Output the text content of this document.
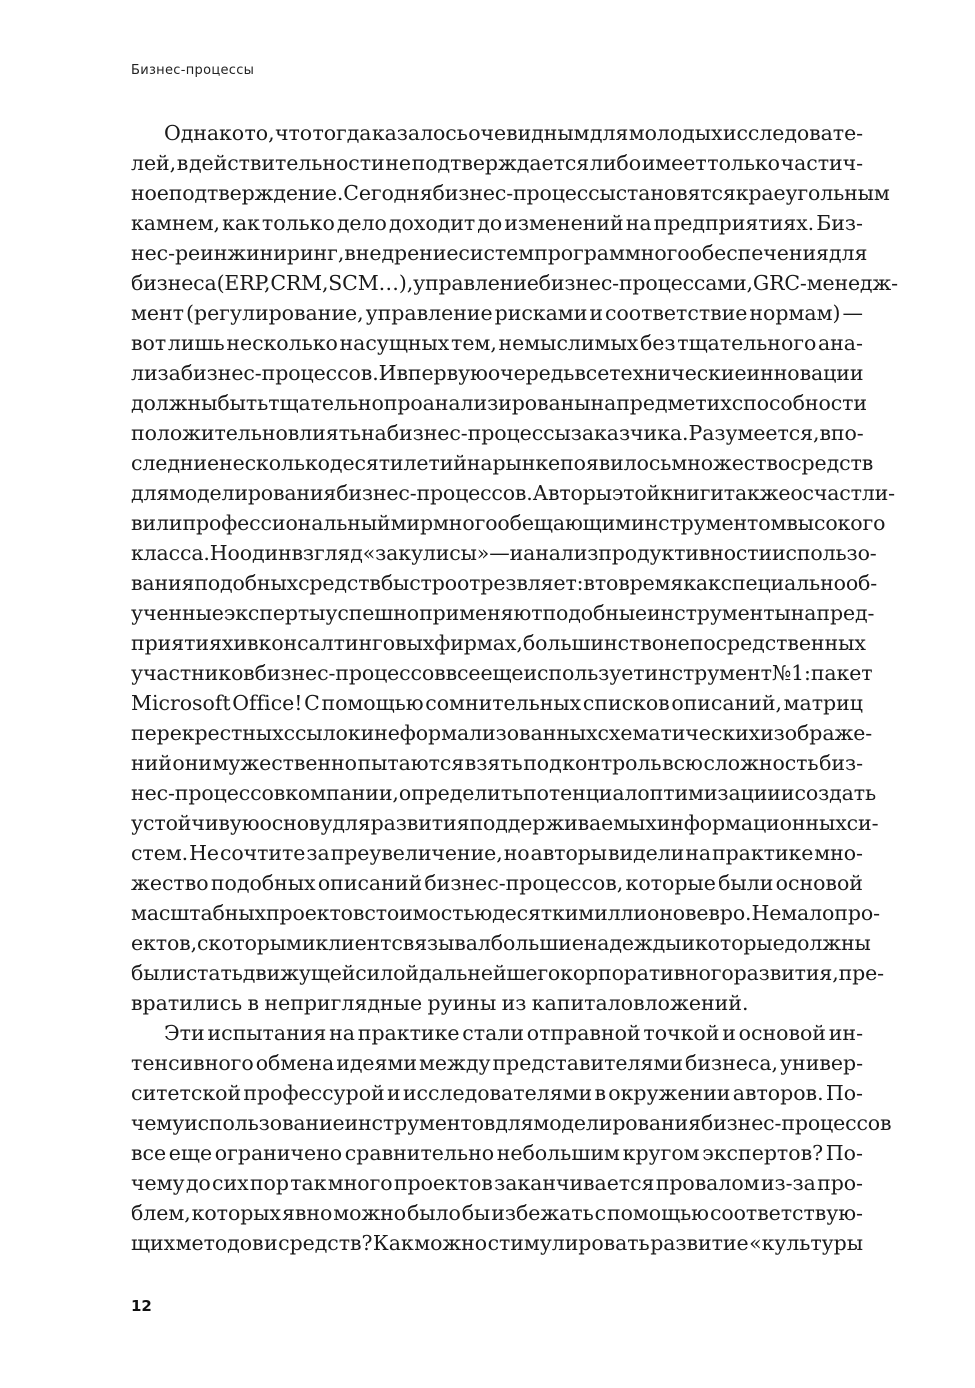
Бизнес-процессы
Однако то, что тогда казалось очевидным для молодых исследовате-
лей, в действительности не подтверждается либо имеет только частич-
ное подтверждение. Сегодня бизнес-процессы становятся краеугольным
камнем, как только дело доходит до изменений на предприятиях. Биз-
нес-реинжиниринг, внедрение систем программного обеспечения для
бизнеса (ERP, CRM, SCM…), управление бизнес-процессами, GRC-менедж-
мент (регулирование, управление рисками и соответствие нормам) —
вот лишь несколько насущных тем, немыслимых без тщательного ана-
лиза бизнес-процессов. И в первую очередь все технические инновации
должны быть тщательно проанализированы на предмет их способности
положительно влиять на бизнес-процессы заказчика. Разумеется, в по-
следние несколько десятилетий на рынке появилось множество средств
для моделирования бизнес-процессов. Авторы этой книги также осчастли-
вили профессиональный мир многообещающим инструментом высокого
класса. Но один взгляд «за кулисы» — и анализ продуктивности использо-
вания подобных средств быстро отрезвляет: в то время как специально об-
ученные эксперты успешно применяют подобные инструменты на пред-
приятиях и в консалтинговых фирмах, большинство непосредственных
участников бизнес-процессов все еще использует инструмент № 1: пакет
Microsoft Office! С помощью сомнительных списков описаний, матриц
перекрестных ссылок и неформализованных схематических изображе-
ний они мужественно пытаются взять под контроль всю сложность биз-
нес-процессов компании, определить потенциал оптимизации и создать
устойчивую основу для развития поддерживаемых информационных си-
стем. Не сочтите за преувеличение, но авторы видели на практике мно-
жество подобных описаний бизнес-процессов, которые были основой
масштабных проектов стоимостью десятки миллионов евро. Немало про-
ектов, с которыми клиент связывал большие надежды и которые должны
были стать движущей силой дальнейшего корпоративного развития, пре-
вратились в неприглядные руины из капиталовложений.
Эти испытания на практике стали отправной точкой и основой ин-
тенсивного обмена идеями между представителями бизнеса, универ-
ситетской профессурой и исследователями в окружении авторов. По-
чему использование инструментов для моделирования бизнес-процессов
все еще ограничено сравнительно небольшим кругом экспертов? По-
чему до сих пор так много проектов заканчивается провалом из-за про-
блем, которых явно можно было бы избежать с помощью соответствую-
щих методов и средств? Как можно стимулировать развитие «культуры
12
